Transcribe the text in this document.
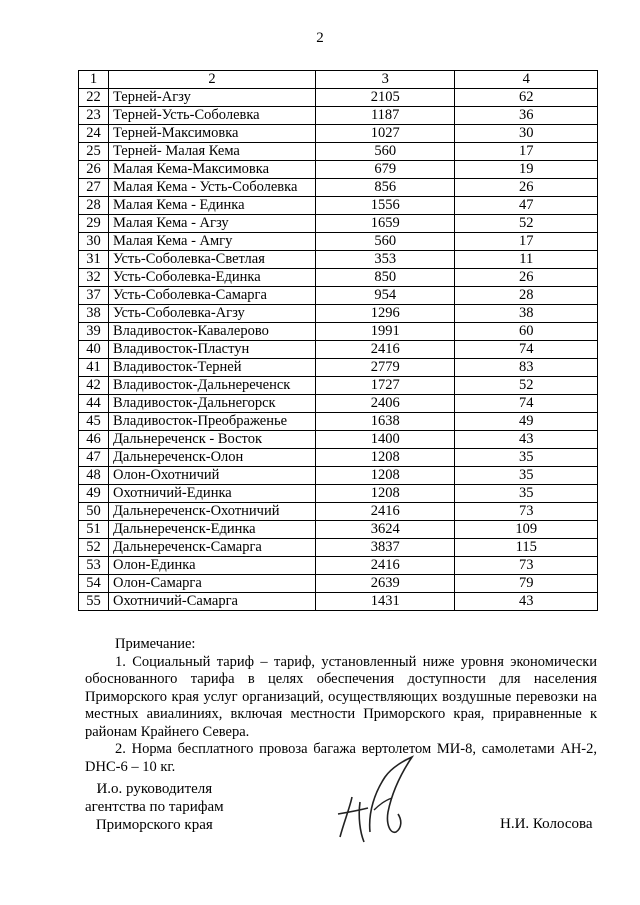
2
1	2	3	4
22	Терней-Агзу	2105	62
23	Терней-Усть-Соболевка	1187	36
24	Терней-Максимовка	1027	30
25	Терней- Малая Кема	560	17
26	Малая Кема-Максимовка	679	19
27	Малая Кема - Усть-Соболевка	856	26
28	Малая Кема - Единка	1556	47
29	Малая Кема - Агзу	1659	52
30	Малая Кема - Амгу	560	17
31	Усть-Соболевка-Светлая	353	11
32	Усть-Соболевка-Единка	850	26
37	Усть-Соболевка-Самарга	954	28
38	Усть-Соболевка-Агзу	1296	38
39	Владивосток-Кавалерово	1991	60
40	Владивосток-Пластун	2416	74
41	Владивосток-Терней	2779	83
42	Владивосток-Дальнереченск	1727	52
44	Владивосток-Дальнегорск	2406	74
45	Владивосток-Преображенье	1638	49
46	Дальнереченск - Восток	1400	43
47	Дальнереченск-Олон	1208	35
48	Олон-Охотничий	1208	35
49	Охотничий-Единка	1208	35
50	Дальнереченск-Охотничий	2416	73
51	Дальнереченск-Единка	3624	109
52	Дальнереченск-Самарга	3837	115
53	Олон-Единка	2416	73
54	Олон-Самарга	2639	79
55	Охотничий-Самарга	1431	43

Примечание:

1. Социальный тариф – тариф, установленный ниже уровня экономически обоснованного тарифа в целях обеспечения доступности для населения Приморского края услуг организаций, осуществляющих воздушные перевозки на местных авиалиниях, включая местности Приморского края, приравненные к районам Крайнего Севера.

2. Норма бесплатного провоза багажа вертолетом МИ-8, самолетами АН-2, DHC-6 – 10 кг.

И.о. руководителя
агентства по тарифам
Приморского края	Н.И. Колосова
